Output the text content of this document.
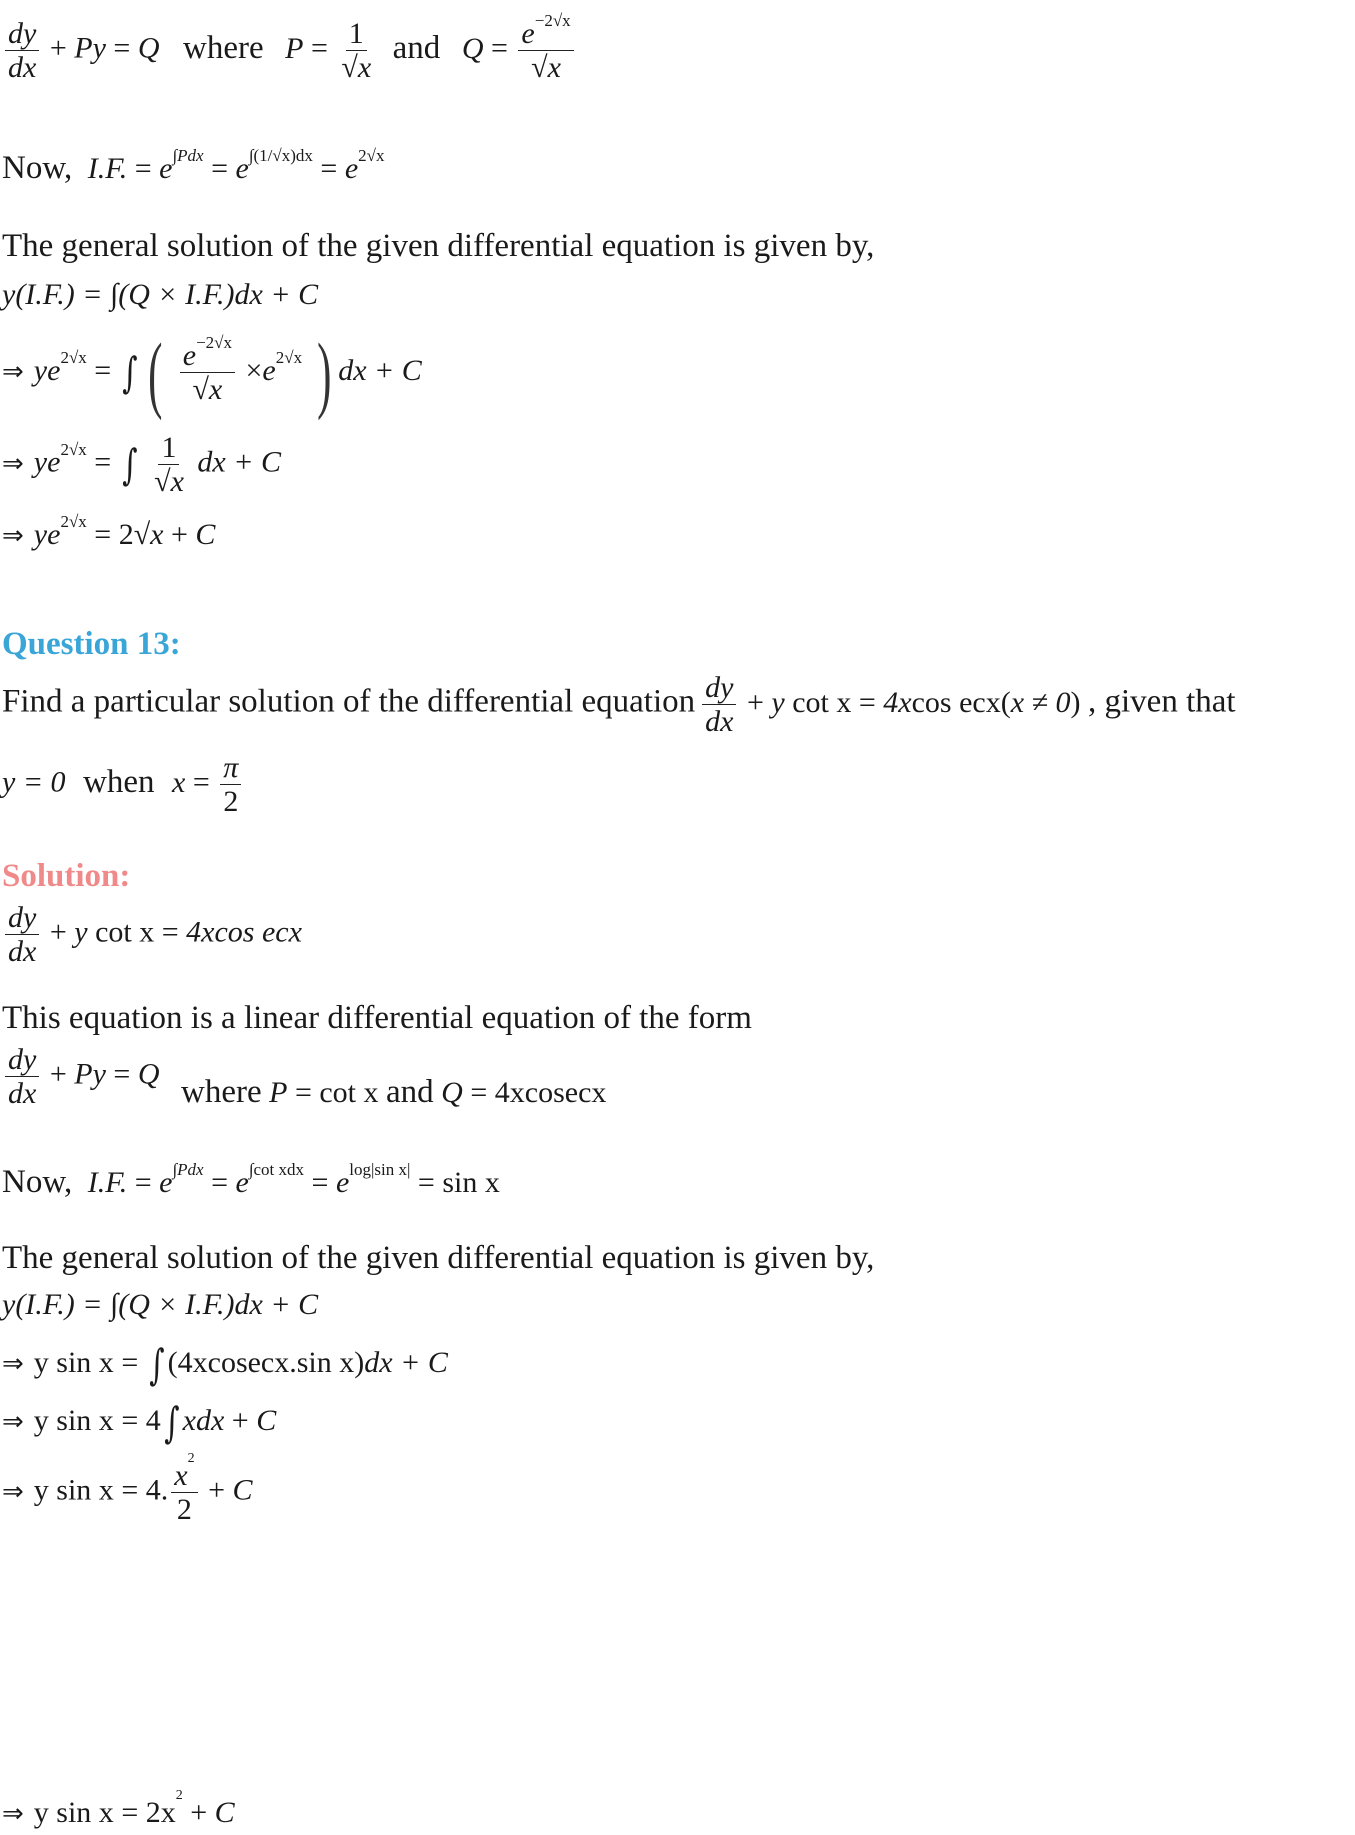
$\frac{dy}{dx} + Py = Q$ where $P = \frac{1}{√x}$ and $Q = \frac{e^{-2√x}}{√x}$
Now, I.F. = $e^{\int Pdx} = e^{\int(1/√x)dx} = e^{2√x}$
The general solution of the given differential equation is given by,
y(I.F.) = ∫(Q × I.F.)dx + C
⇒ $ye^{2√x}$ = ∫ ( $\frac{e^{-2√x}}{√x} \times e^{2√x}$ ) dx + C
⇒ $ye^{2√x}$ = ∫ $\frac{1}{√x}$ dx + C
⇒ $ye^{2√x} = 2√x + C$
Question 13:
Find a particular solution of the differential equation $\frac{dy}{dx} + y$ cot x = 4xcos ecx(x ≠ 0) , given that
y = 0 when $x = \frac{\pi}{2}$
Solution:
$\frac{dy}{dx} + y$ cot x = 4xcos ecx
This equation is a linear differential equation of the form
$\frac{dy}{dx} + Py = Q$ where P = cot x and Q = 4xcosecx
Now, I.F. = $e^{\int Pdx} = e^{\int cot xdx} = e^{log|sin x|} = \sin x$
The general solution of the given differential equation is given by,
y(I.F.) = ∫(Q × I.F.)dx + C
⇒ y sin x = ∫ (4xcosecx.sin x)dx + C
⇒ y sin x = 4∫ xdx + C
⇒ y sin x = 4. $\frac{x^2}{2} + C$
⇒ y $\sin x = 2x^2 + C$
